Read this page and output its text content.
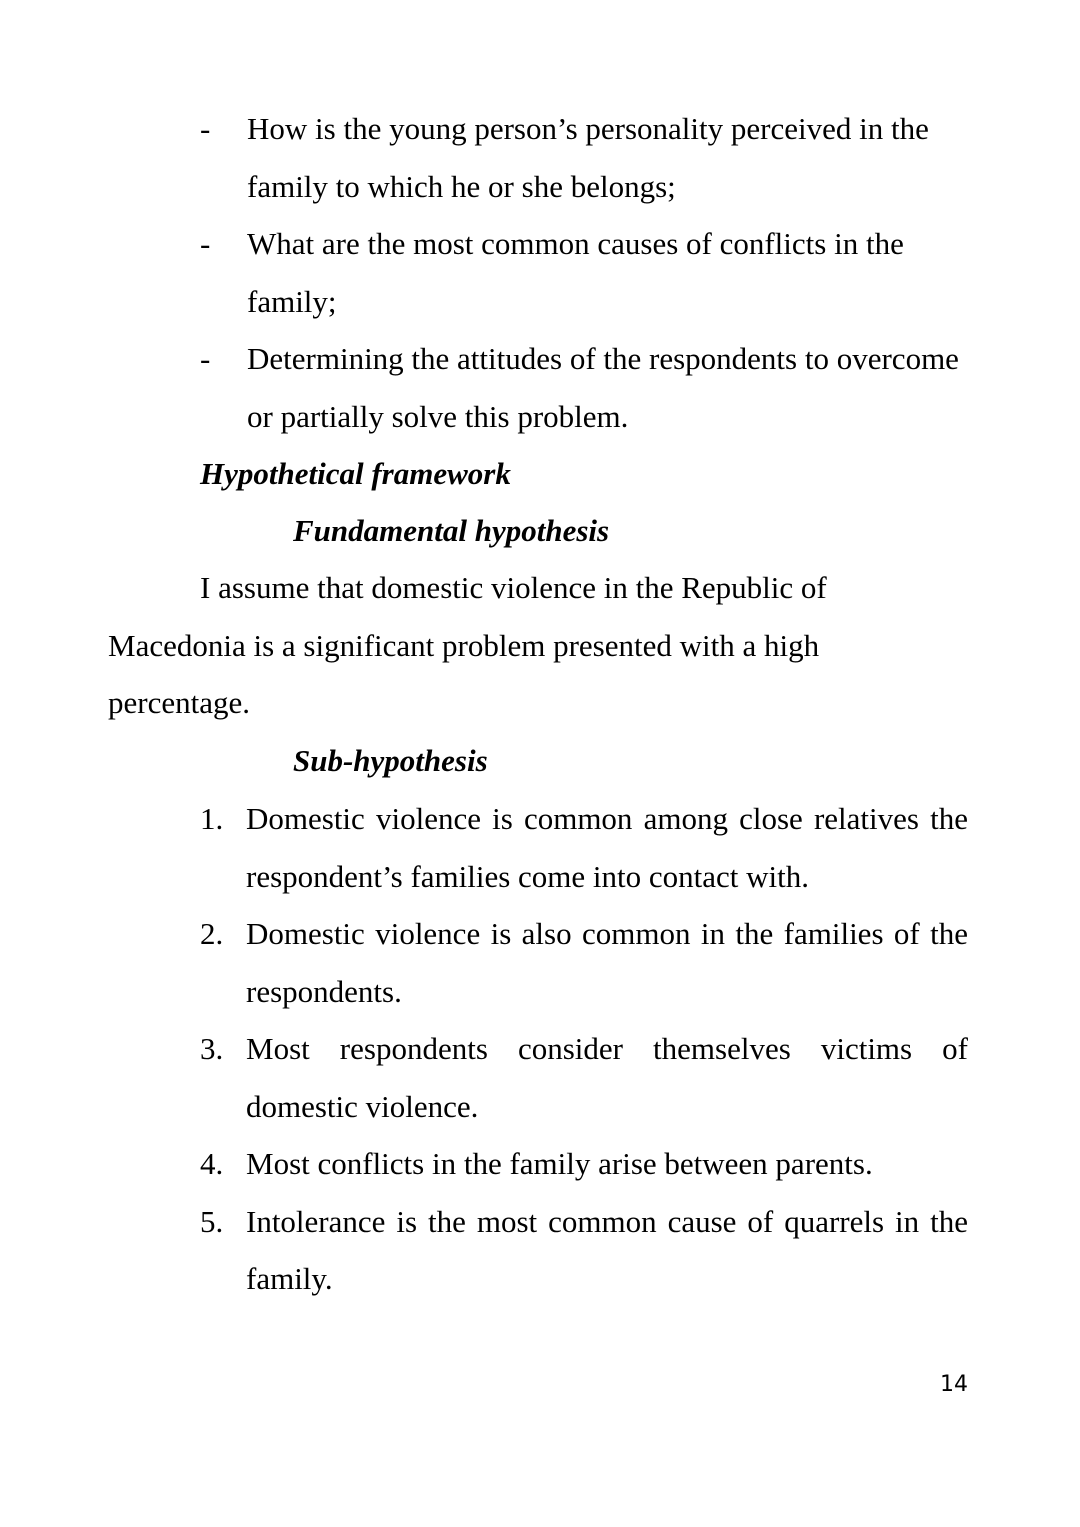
- How is the young person’s personality perceived in the family to which he or she belongs;
- What are the most common causes of conflicts in the family;
- Determining the attitudes of the respondents to overcome or partially solve this problem.
Hypothetical framework
Fundamental hypothesis

I assume that domestic violence in the Republic of Macedonia is a significant problem presented with a high percentage.

Sub-hypothesis
1. Domestic violence is common among close relatives the respondent’s families come into contact with.
2. Domestic violence is also common in the families of the respondents.
3. Most respondents consider themselves victims of domestic violence.
4. Most conflicts in the family arise between parents.
5. Intolerance is the most common cause of quarrels in the family.
14
